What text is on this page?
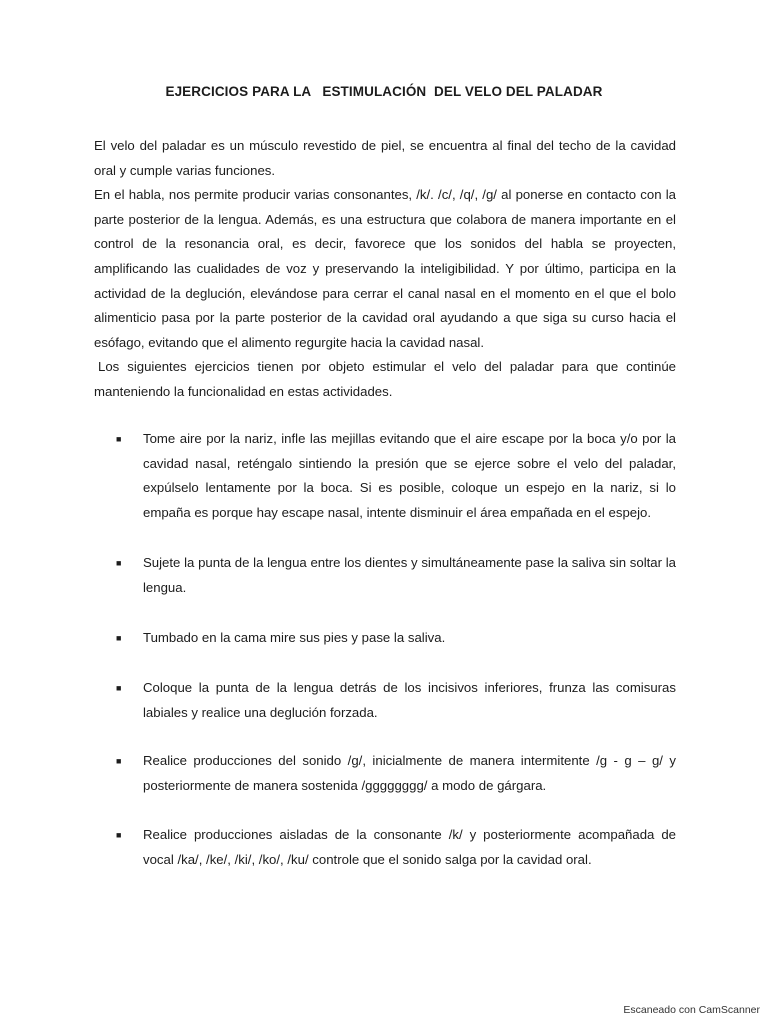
EJERCICIOS PARA LA   ESTIMULACIÓN  DEL VELO DEL PALADAR

El velo del paladar es un músculo revestido de piel, se encuentra al final del techo de la cavidad oral y cumple varias funciones.

En el habla, nos permite producir varias consonantes, /k/. /c/, /q/, /g/ al ponerse en contacto con la parte posterior de la lengua. Además, es una estructura que colabora de manera importante en el control de la resonancia oral, es decir, favorece que los sonidos del habla se proyecten, amplificando las cualidades de voz y preservando la inteligibilidad. Y por último, participa en la actividad de la deglución, elevándose para cerrar el canal nasal en el momento en el que el bolo alimenticio pasa por la parte posterior de la cavidad oral ayudando a que siga su curso hacia el esófago, evitando que el alimento regurgite hacia la cavidad nasal.

Los siguientes ejercicios tienen por objeto estimular el velo del paladar para que continúe manteniendo la funcionalidad en estas actividades.

■	Tome aire por la nariz, infle las mejillas evitando que el aire escape por la boca y/o por la cavidad nasal, reténgalo sintiendo la presión que se ejerce sobre el velo del paladar, expúlselo lentamente por la boca. Si es posible, coloque un espejo en la nariz, si lo empaña es porque hay escape nasal, intente disminuir el área empañada en el espejo.
■	Sujete la punta de la lengua entre los dientes y simultáneamente pase la saliva sin soltar la lengua.
■	Tumbado en la cama mire sus pies y pase la saliva.
■	Coloque la punta de la lengua detrás de los incisivos inferiores, frunza las comisuras labiales y realice una deglución forzada.
■	Realice producciones del sonido /g/, inicialmente de manera intermitente /g - g – g/ y posteriormente de manera sostenida /gggggggg/ a modo de gárgara.
■	Realice producciones aisladas de la consonante /k/ y posteriormente acompañada de vocal /ka/, /ke/, /ki/, /ko/, /ku/ controle que el sonido salga por la cavidad oral.
Escaneado con CamScanner
